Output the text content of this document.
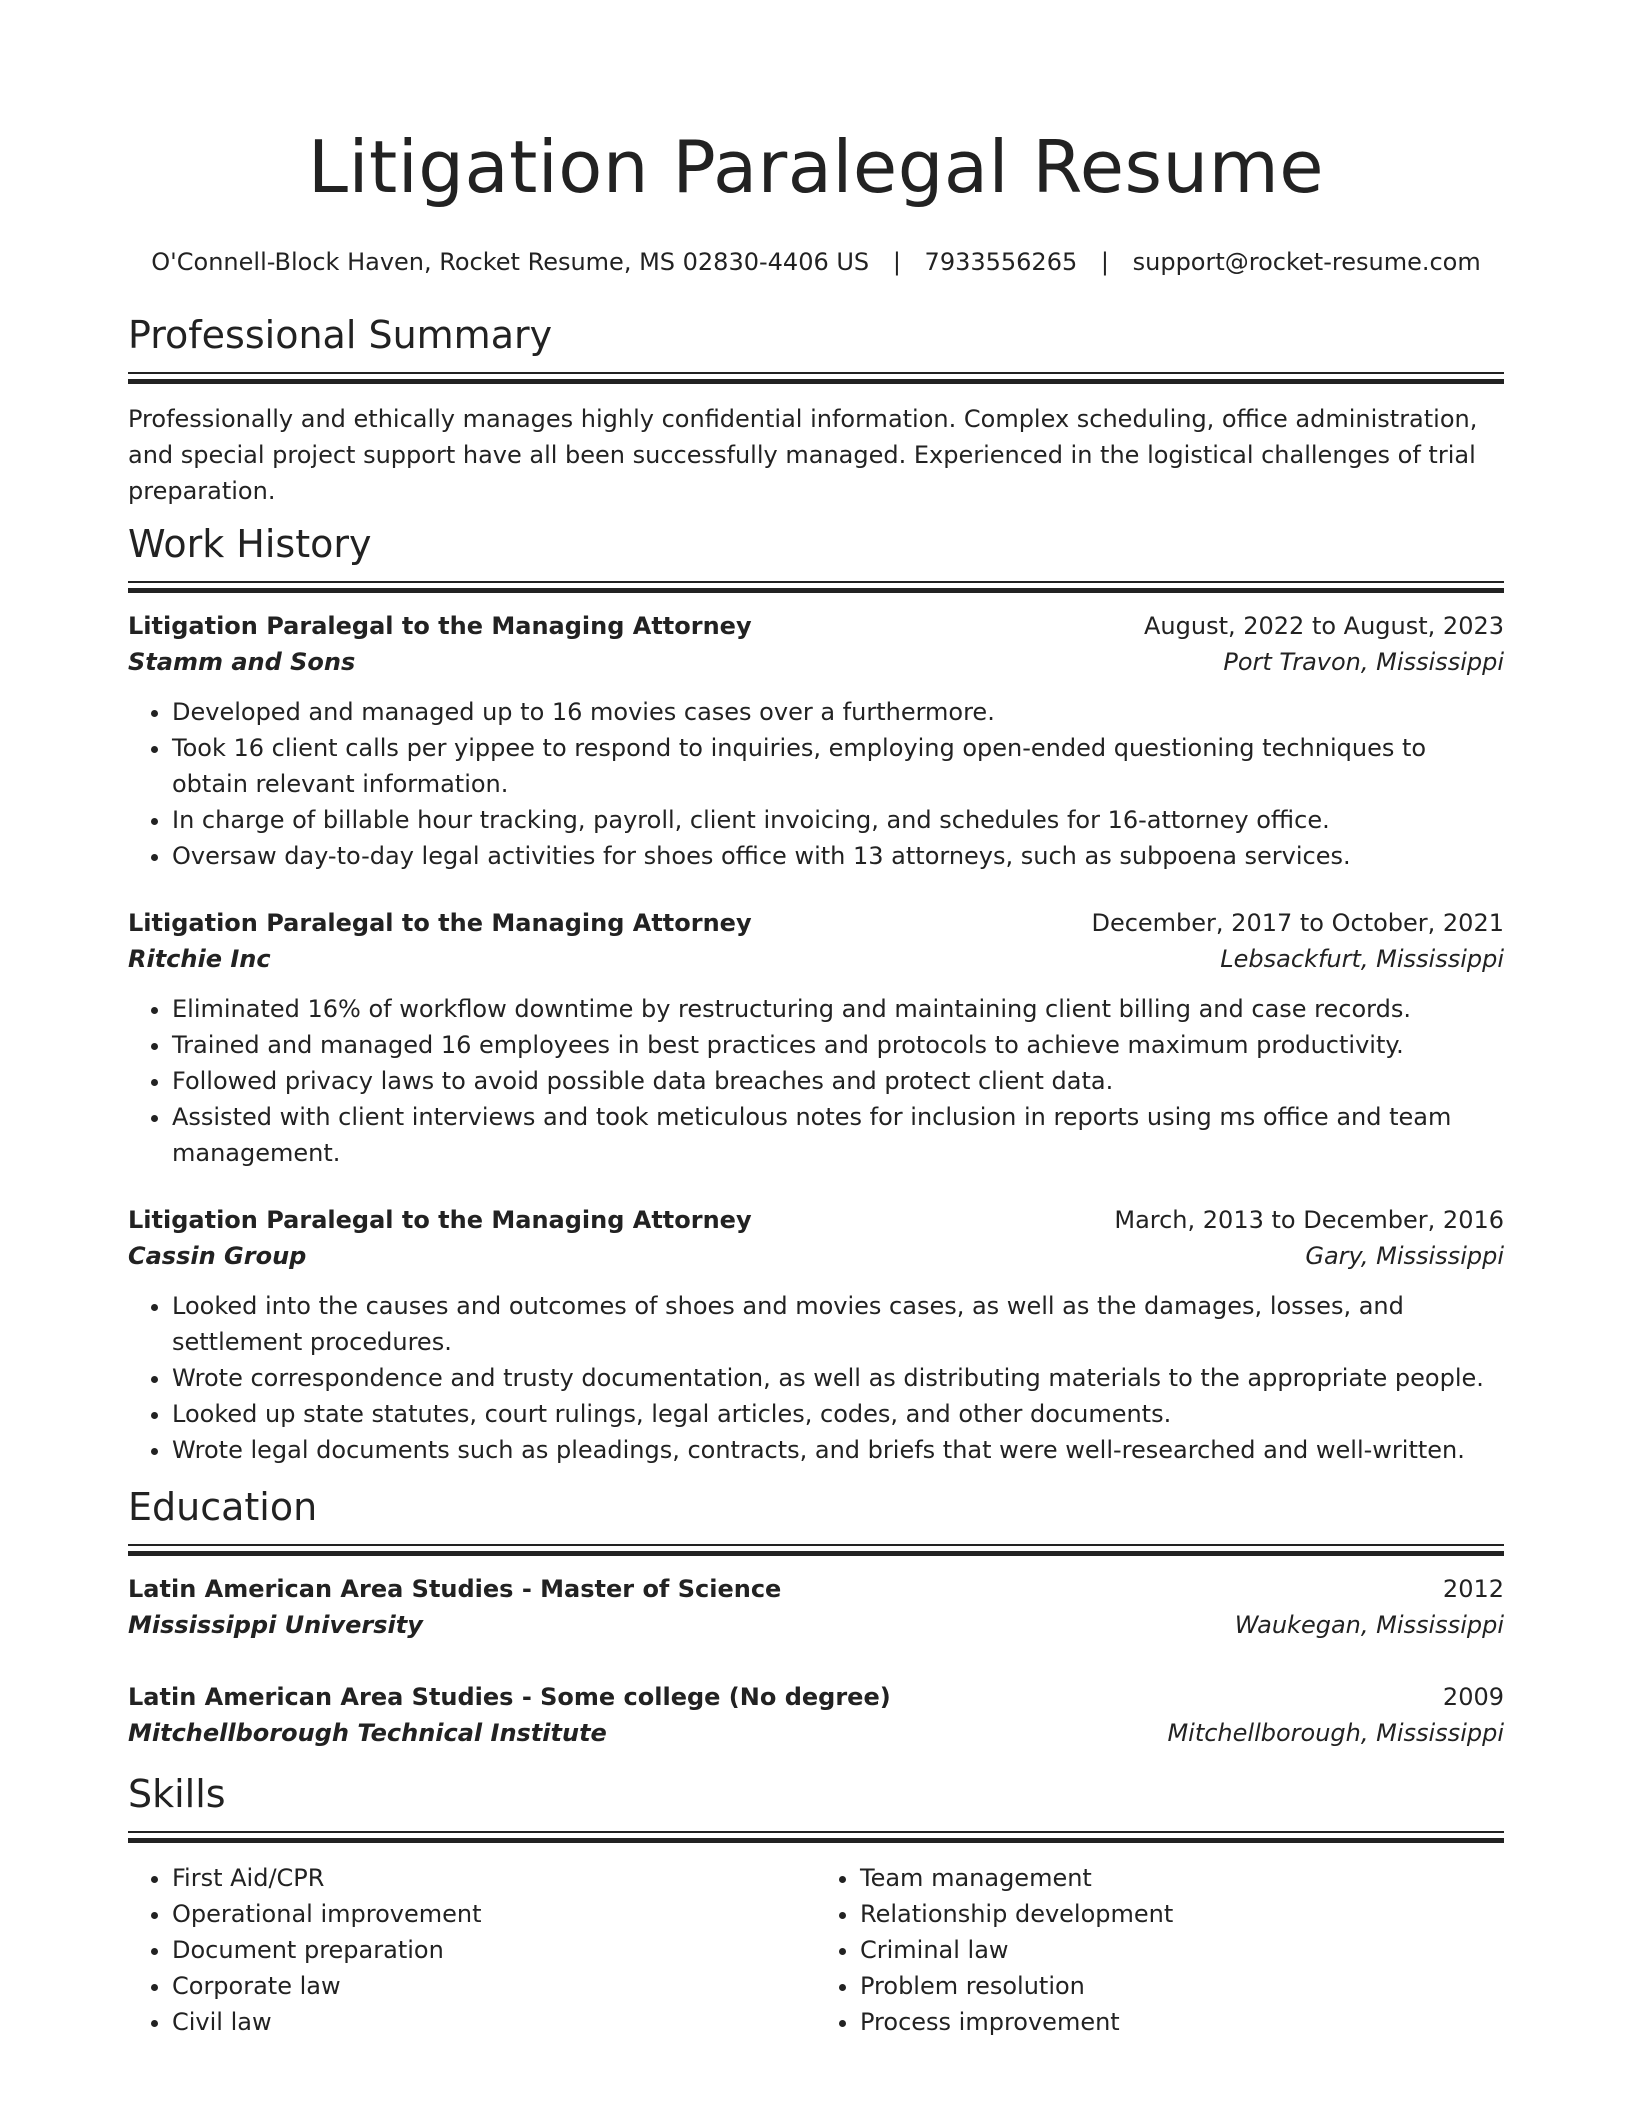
Litigation Paralegal Resume
O'Connell-Block Haven, Rocket Resume, MS 02830-4406 US | 7933556265 | support@rocket-resume.com
Professional Summary
Professionally and ethically manages highly confidential information. Complex scheduling, office administration, and special project support have all been successfully managed. Experienced in the logistical challenges of trial preparation.
Work History
Litigation Paralegal to the Managing Attorney	August, 2022 to August, 2023
Stamm and Sons	Port Travon, Mississippi
• Developed and managed up to 16 movies cases over a furthermore.
• Took 16 client calls per yippee to respond to inquiries, employing open-ended questioning techniques to obtain relevant information.
• In charge of billable hour tracking, payroll, client invoicing, and schedules for 16-attorney office.
• Oversaw day-to-day legal activities for shoes office with 13 attorneys, such as subpoena services.
Litigation Paralegal to the Managing Attorney	December, 2017 to October, 2021
Ritchie Inc	Lebsackfurt, Mississippi
• Eliminated 16% of workflow downtime by restructuring and maintaining client billing and case records.
• Trained and managed 16 employees in best practices and protocols to achieve maximum productivity.
• Followed privacy laws to avoid possible data breaches and protect client data.
• Assisted with client interviews and took meticulous notes for inclusion in reports using ms office and team management.
Litigation Paralegal to the Managing Attorney	March, 2013 to December, 2016
Cassin Group	Gary, Mississippi
• Looked into the causes and outcomes of shoes and movies cases, as well as the damages, losses, and settlement procedures.
• Wrote correspondence and trusty documentation, as well as distributing materials to the appropriate people.
• Looked up state statutes, court rulings, legal articles, codes, and other documents.
• Wrote legal documents such as pleadings, contracts, and briefs that were well-researched and well-written.
Education
Latin American Area Studies - Master of Science	2012
Mississippi University	Waukegan, Mississippi
Latin American Area Studies - Some college (No degree)	2009
Mitchellborough Technical Institute	Mitchellborough, Mississippi
Skills
• First Aid/CPR
• Operational improvement
• Document preparation
• Corporate law
• Civil law
• Team management
• Relationship development
• Criminal law
• Problem resolution
• Process improvement
